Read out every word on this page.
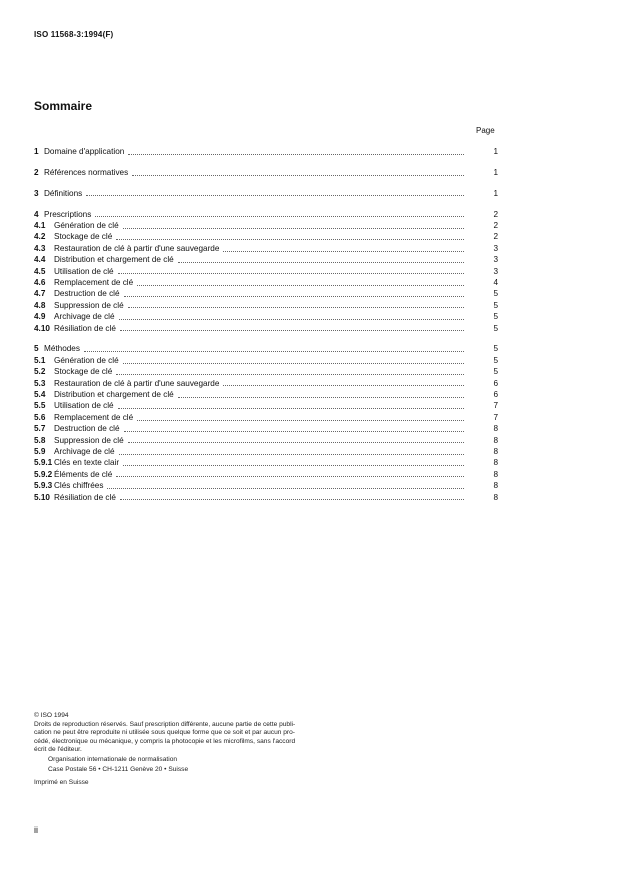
ISO 11568-3:1994(F)
Sommaire
Page
1 Domaine d'application	1
2 Références normatives	1
3 Définitions	1
4 Prescriptions	2
4.1	Génération de clé	2
4.2	Stockage de clé	2
4.3	Restauration de clé à partir d'une sauvegarde	3
4.4	Distribution et chargement de clé	3
4.5	Utilisation de clé	3
4.6	Remplacement de clé	4
4.7	Destruction de clé	5
4.8	Suppression de clé	5
4.9	Archivage de clé	5
4.10 Résiliation de clé	5
5 Méthodes	5
5.1	Génération de clé	5
5.2	Stockage de clé	5
5.3	Restauration de clé à partir d'une sauvegarde	6
5.4	Distribution et chargement de clé	6
5.5	Utilisation de clé	7
5.6	Remplacement de clé	7
5.7	Destruction de clé	8
5.8	Suppression de clé	8
5.9	Archivage de clé	8
5.9.1 Clés en texte clair	8
5.9.2 Éléments de clé	8
5.9.3 Clés chiffrées	8
5.10 Résiliation de clé	8

© ISO 1994

Droits de reproduction réservés. Sauf prescription différente, aucune partie de cette publi-

cation ne peut être reproduite ni utilisée sous quelque forme que ce soit et par aucun pro-

cédé, électronique ou mécanique, y compris la photocopie et les microfilms, sans l'accord

écrit de l'éditeur.

Organisation internationale de normalisation

Case Postale 56 • CH-1211 Genève 20 • Suisse

Imprimé en Suisse

ii
